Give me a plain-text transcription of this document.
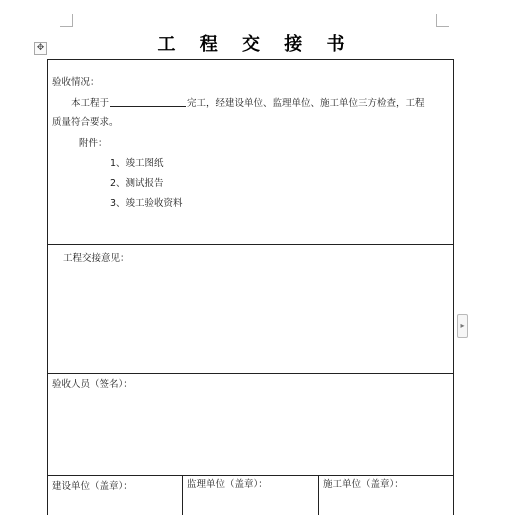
✥	工 程 交 接 书
验收情况：
本工程于	完工，经建设单位、监理单位、施工单位三方检查，工程
质量符合要求。
附件：
1、竣工图纸
2、测试报告
3、竣工验收资料
工程交接意见：
验收人员（签名）：
建设单位（盖章）：	监理单位（盖章）：	施工单位（盖章）：
▸
